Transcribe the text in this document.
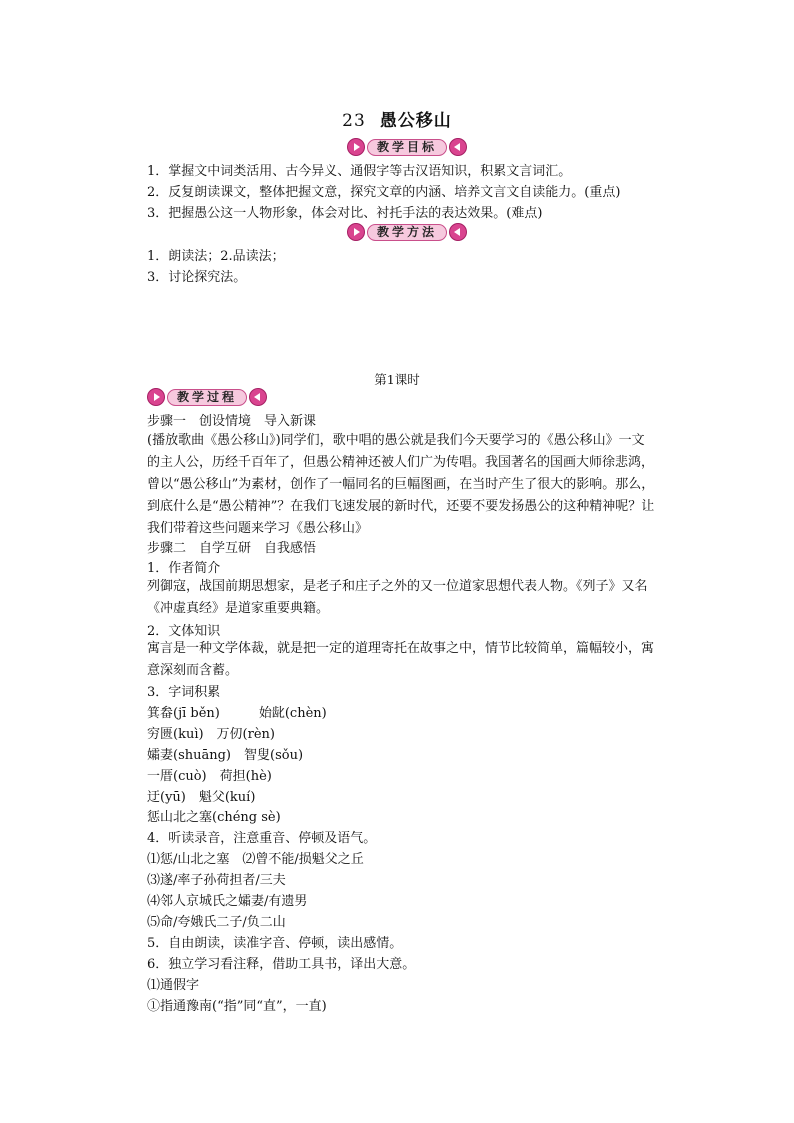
23 愚公移山
教学目标
1．掌握文中词类活用、古今异义、通假字等古汉语知识，积累文言词汇。
2．反复朗读课文，整体把握文意，探究文章的内涵、培养文言文自读能力。(重点)
3．把握愚公这一人物形象，体会对比、衬托手法的表达效果。(难点)
教学方法
1．朗读法；2.品读法；
3．讨论探究法。
第1课时
教学过程
步骤一　创设情境　导入新课
(播放歌曲《愚公移山》)同学们，歌中唱的愚公就是我们今天要学习的《愚公移山》一文的主人公，历经千百年了，但愚公精神还被人们广为传唱。我国著名的国画大师徐悲鸿，曾以“愚公移山”为素材，创作了一幅同名的巨幅图画，在当时产生了很大的影响。那么，到底什么是“愚公精神”？在我们飞速发展的新时代，还要不要发扬愚公的这种精神呢？让我们带着这些问题来学习《愚公移山》
步骤二　自学互研　自我感悟
1．作者简介
列御寇，战国前期思想家，是老子和庄子之外的又一位道家思想代表人物。《列子》又名《冲虚真经》是道家重要典籍。
2．文体知识
寓言是一种文学体裁，就是把一定的道理寄托在故事之中，情节比较简单，篇幅较小，寓意深刻而含蓄。
3．字词积累
箕畚(jī běn)　　　始龀(chèn)
穷匮(kuì)　万仞(rèn)
孀妻(shuāng)　智叟(sǒu)
一厝(cuò)　荷担(hè)
迂(yū)　魁父(kuí)
惩山北之塞(chéng sè)
4．听读录音，注意重音、停顿及语气。
⑴惩/山北之塞　⑵曾不能/损魁父之丘
⑶遂/率子孙荷担者/三夫
⑷邻人京城氏之孀妻/有遗男
⑸命/夸娥氏二子/负二山
5．自由朗读，读准字音、停顿，读出感情。
6．独立学习看注释，借助工具书，译出大意。
⑴通假字
①指通豫南(“指”同“直”，一直)
